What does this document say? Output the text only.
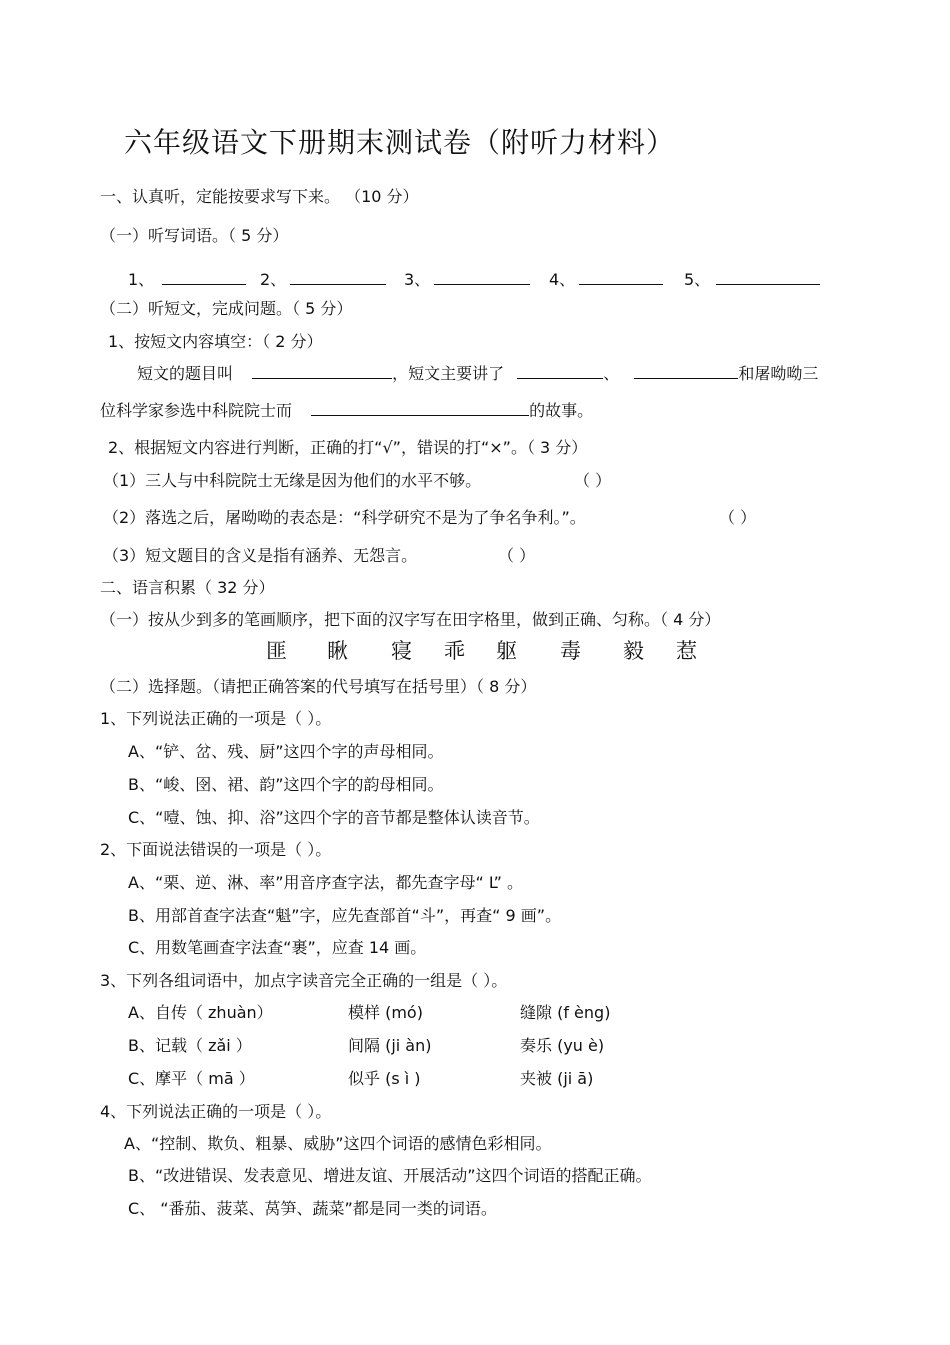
六年级语文下册期末测试卷（附听力材料）
一、认真听，定能按要求写下来。 （10 分）
（一）听写词语。（ 5 分）
1、	2、	3、	4、	5、
（二）听短文，完成问题。（ 5 分）
1、按短文内容填空：（ 2 分）
短文的题目叫	，短文主要讲了	、	和屠呦呦三
位科学家参选中科院院士而	的故事。
2、根据短文内容进行判断，正确的打“√”，错误的打“×”。（ 3 分）
（1）三人与中科院院士无缘是因为他们的水平不够。	（ ）
（2）落选之后，屠呦呦的表态是：“科学研究不是为了争名争利。”。	（ ）
（3）短文题目的含义是指有涵养、无怨言。	（ ）
二、语言积累（ 32 分）
（一）按从少到多的笔画顺序，把下面的汉字写在田字格里，做到正确、匀称。（ 4 分）
匪 瞅 寝 乖 躯 毒 毅 惹
（二）选择题。（请把正确答案的代号填写在括号里）（ 8 分）
1、下列说法正确的一项是（ ）。
A、“铲、岔、残、厨”这四个字的声母相同。
B、“峻、囹、裙、韵”这四个字的韵母相同。
C、“噎、蚀、抑、浴”这四个字的音节都是整体认读音节。
2、下面说法错误的一项是（ ）。
A、“栗、逆、淋、率”用音序查字法，都先查字母“ L” 。
B、用部首查字法查“魁”字，应先查部首“斗”，再查“ 9 画”。
C、用数笔画查字法查“裹”，应查 14 画。
3、下列各组词语中，加点字读音完全正确的一组是（ ）。
A、自传（ zhuàn）	模样 (mó)	缝隙 (f èng)
B、记载（ zǎi ）	间隔 (ji àn)	奏乐 (yu è)
C、摩平（ mā ）	似乎 (s ì )	夹被 (ji ā)
4、下列说法正确的一项是（ ）。
A、“控制、欺负、粗暴、威胁”这四个词语的感情色彩相同。
B、“改进错误、发表意见、增进友谊、开展活动”这四个词语的搭配正确。
C、 “番茄、菠菜、莴笋、蔬菜”都是同一类的词语。
